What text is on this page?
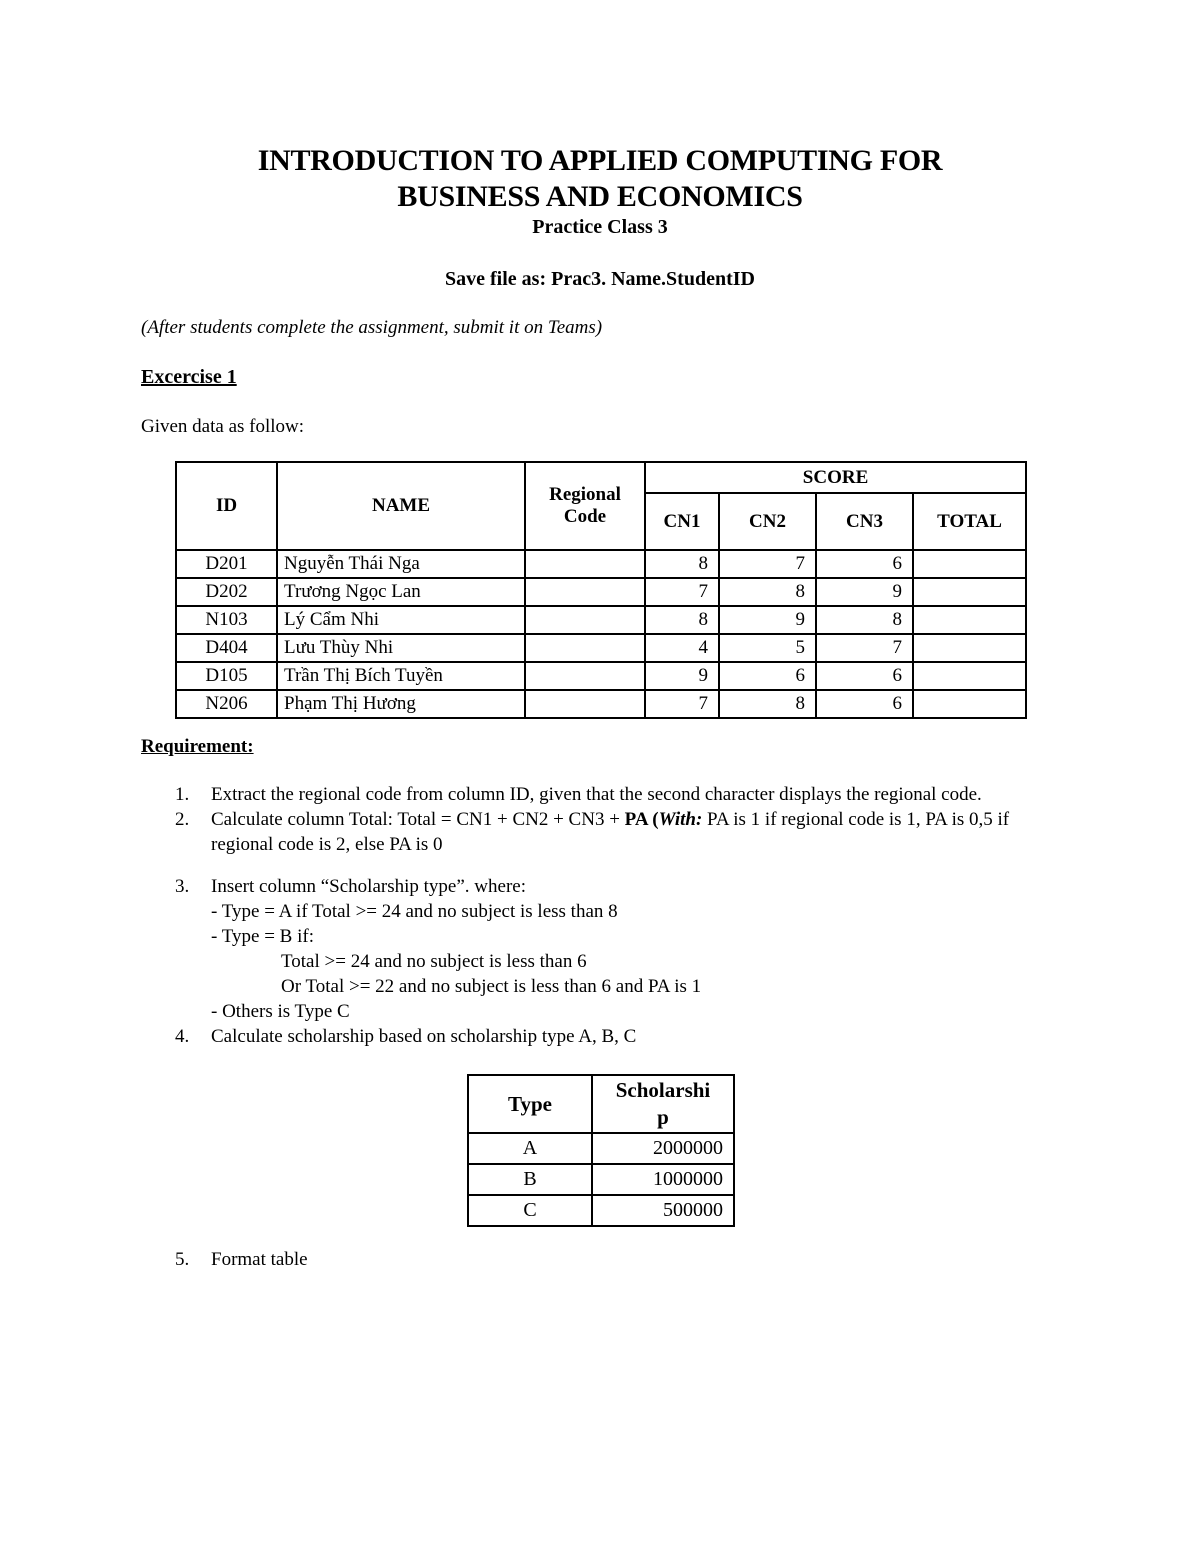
INTRODUCTION TO APPLIED COMPUTING FOR
BUSINESS AND ECONOMICS
Practice Class 3
Save file as: Prac3. Name.StudentID
(After students complete the assignment, submit it on Teams)
Excercise 1
Given data as follow:
ID	NAME	Regional
Code	SCORE			
			CN1	CN2	CN3	TOTAL
D201	Nguyễn Thái Nga		8	7	6	
D202	Trương Ngọc Lan		7	8	9	
N103	Lý Cẩm Nhi		8	9	8	
D404	Lưu Thùy Nhi		4	5	7	
D105	Trần Thị Bích Tuyền		9	6	6	
N206	Phạm Thị Hương		7	8	6	
Requirement:
1. Extract the regional code from column ID, given that the second character displays the regional code.
2. Calculate column Total: Total = CN1 + CN2 + CN3 + PA (With: PA is 1 if regional code is 1, PA is 0,5 if regional code is 2, else PA is 0
3. Insert column “Scholarship type”. where:
- Type = A if Total >= 24 and no subject is less than 8
- Type = B if:
Total >= 24 and no subject is less than 6
Or Total >= 22 and no subject is less than 6 and PA is 1
- Others is Type C
4. Calculate scholarship based on scholarship type A, B, C
Type	Scholarshi
p

A	2000000
B	1000000
C	500000
5. Format table
